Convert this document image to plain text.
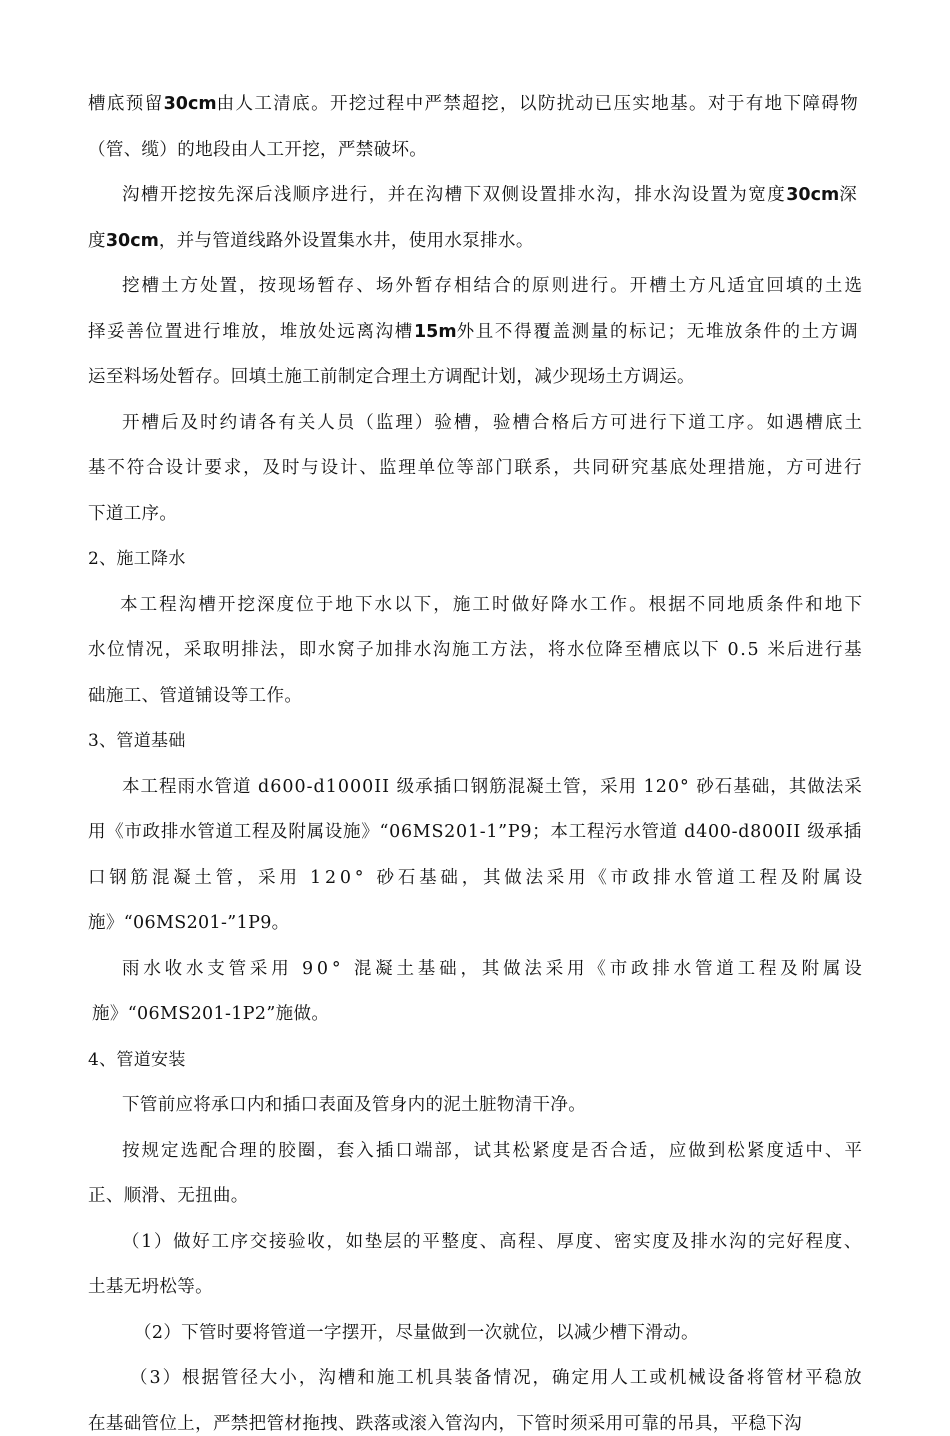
槽底预留30cm由人工清底。开挖过程中严禁超挖，以防扰动已压实地基。对于有地下障碍物
（管、缆）的地段由人工开挖，严禁破坏。
沟槽开挖按先深后浅顺序进行，并在沟槽下双侧设置排水沟，排水沟设置为宽度30cm深
度30cm，并与管道线路外设置集水井，使用水泵排水。
挖槽土方处置，按现场暂存、场外暂存相结合的原则进行。开槽土方凡适宜回填的土选
择妥善位置进行堆放，堆放处远离沟槽15m外且不得覆盖测量的标记；无堆放条件的土方调
运至料场处暂存。回填土施工前制定合理土方调配计划，减少现场土方调运。
开槽后及时约请各有关人员（监理）验槽，验槽合格后方可进行下道工序。如遇槽底土
基不符合设计要求，及时与设计、监理单位等部门联系，共同研究基底处理措施，方可进行
下道工序。
2、施工降水
本工程沟槽开挖深度位于地下水以下，施工时做好降水工作。根据不同地质条件和地下
水位情况，采取明排法，即水窝子加排水沟施工方法，将水位降至槽底以下 0.5 米后进行基
础施工、管道铺设等工作。
3、管道基础
本工程雨水管道 d600-d1000II 级承插口钢筋混凝土管，采用 120° 砂石基础，其做法采
用《市政排水管道工程及附属设施》“06MS201-1”P9；本工程污水管道 d400-d800II 级承插
口钢筋混凝土管，采用 120° 砂石基础，其做法采用《市政排水管道工程及附属设
施》“06MS201-”1P9。
雨水收水支管采用 90° 混凝土基础，其做法采用《市政排水管道工程及附属设
施》“06MS201-1P2”施做。
4、管道安装
下管前应将承口内和插口表面及管身内的泥土脏物清干净。
按规定选配合理的胶圈，套入插口端部，试其松紧度是否合适，应做到松紧度适中、平
正、顺滑、无扭曲。
（1）做好工序交接验收，如垫层的平整度、高程、厚度、密实度及排水沟的完好程度、
土基无坍松等。
（2）下管时要将管道一字摆开，尽量做到一次就位，以减少槽下滑动。
（3）根据管径大小，沟槽和施工机具装备情况，确定用人工或机械设备将管材平稳放
在基础管位上，严禁把管材拖拽、跌落或滚入管沟内，下管时须采用可靠的吊具，平稳下沟
